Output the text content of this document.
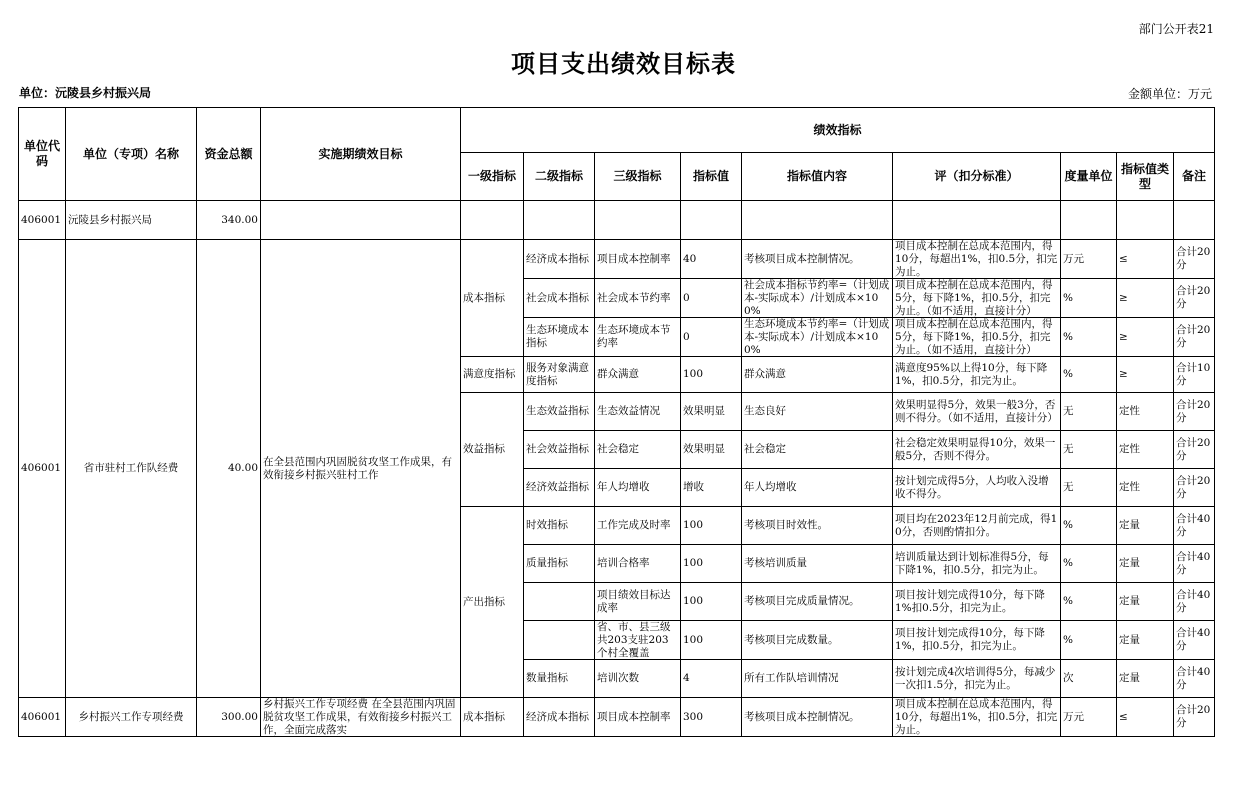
部门公开表21
项目支出绩效目标表
单位：沅陵县乡村振兴局	金额单位：万元
单位代码	单位（专项）名称	资金总额	实施期绩效目标	绩效指标								
				一级指标	二级指标	三级指标	指标值	指标值内容	评（扣分标准）	度量单位	指标值类型	备注
406001	沅陵县乡村振兴局	340.00										
406001	省市驻村工作队经费	40.00	在全县范围内巩固脱贫攻坚工作成果，有效衔接乡村振兴驻村工作	成本指标	经济成本指标	项目成本控制率	40	考核项目成本控制情况。	项目成本控制在总成本范围内，得10分，每超出1%，扣0.5分，扣完为止。	万元	≤	合计20分
					社会成本指标	社会成本节约率	0	社会成本指标节约率=（计划成本-实际成本）/计划成本×100%	项目成本控制在总成本范围内，得5分，每下降1%，扣0.5分，扣完为止。（如不适用，直接计分）	%	≥	合计20分
					生态环境成本指标	生态环境成本节约率	0	生态环境成本节约率=（计划成本-实际成本）/计划成本×100%	项目成本控制在总成本范围内，得5分，每下降1%，扣0.5分，扣完为止。（如不适用，直接计分）	%	≥	合计20分
				满意度指标	服务对象满意度指标	群众满意	100	群众满意	满意度95%以上得10分，每下降1%，扣0.5分，扣完为止。	%	≥	合计10分
				效益指标	生态效益指标	生态效益情况	效果明显	生态良好	效果明显得5分，效果一般3分，否则不得分。（如不适用，直接计分）	无	定性	合计20分
					社会效益指标	社会稳定	效果明显	社会稳定	社会稳定效果明显得10分，效果一般5分，否则不得分。	无	定性	合计20分
					经济效益指标	年人均增收	增收	年人均增收	按计划完成得5分，人均收入没增收不得分。	无	定性	合计20分
				产出指标	时效指标	工作完成及时率	100	考核项目时效性。	项目均在2023年12月前完成，得10分，否则酌情扣分。	%	定量	合计40分
					质量指标	培训合格率	100	考核培训质量	培训质量达到计划标准得5分，每下降1%，扣0.5分，扣完为止。	%	定量	合计40分
						项目绩效目标达成率	100	考核项目完成质量情况。	项目按计划完成得10分，每下降1%扣0.5分，扣完为止。	%	定量	合计40分

						省、市、县三级共203支驻203个村全覆盖	100	考核项目完成数量。	项目按计划完成得10分，每下降1%，扣0.5分，扣完为止。	%	定量	合计40分
					数量指标	培训次数	4	所有工作队培训情况	按计划完成4次培训得5分，每减少一次扣1.5分，扣完为止。	次	定量	合计40分
406001	乡村振兴工作专项经费	300.00	乡村振兴工作专项经费 在全县范围内巩固脱贫攻坚工作成果，有效衔接乡村振兴工作，全面完成落实	成本指标	经济成本指标	项目成本控制率	300	考核项目成本控制情况。	项目成本控制在总成本范围内，得10分，每超出1%，扣0.5分，扣完为止。	万元	≤	合计20分
